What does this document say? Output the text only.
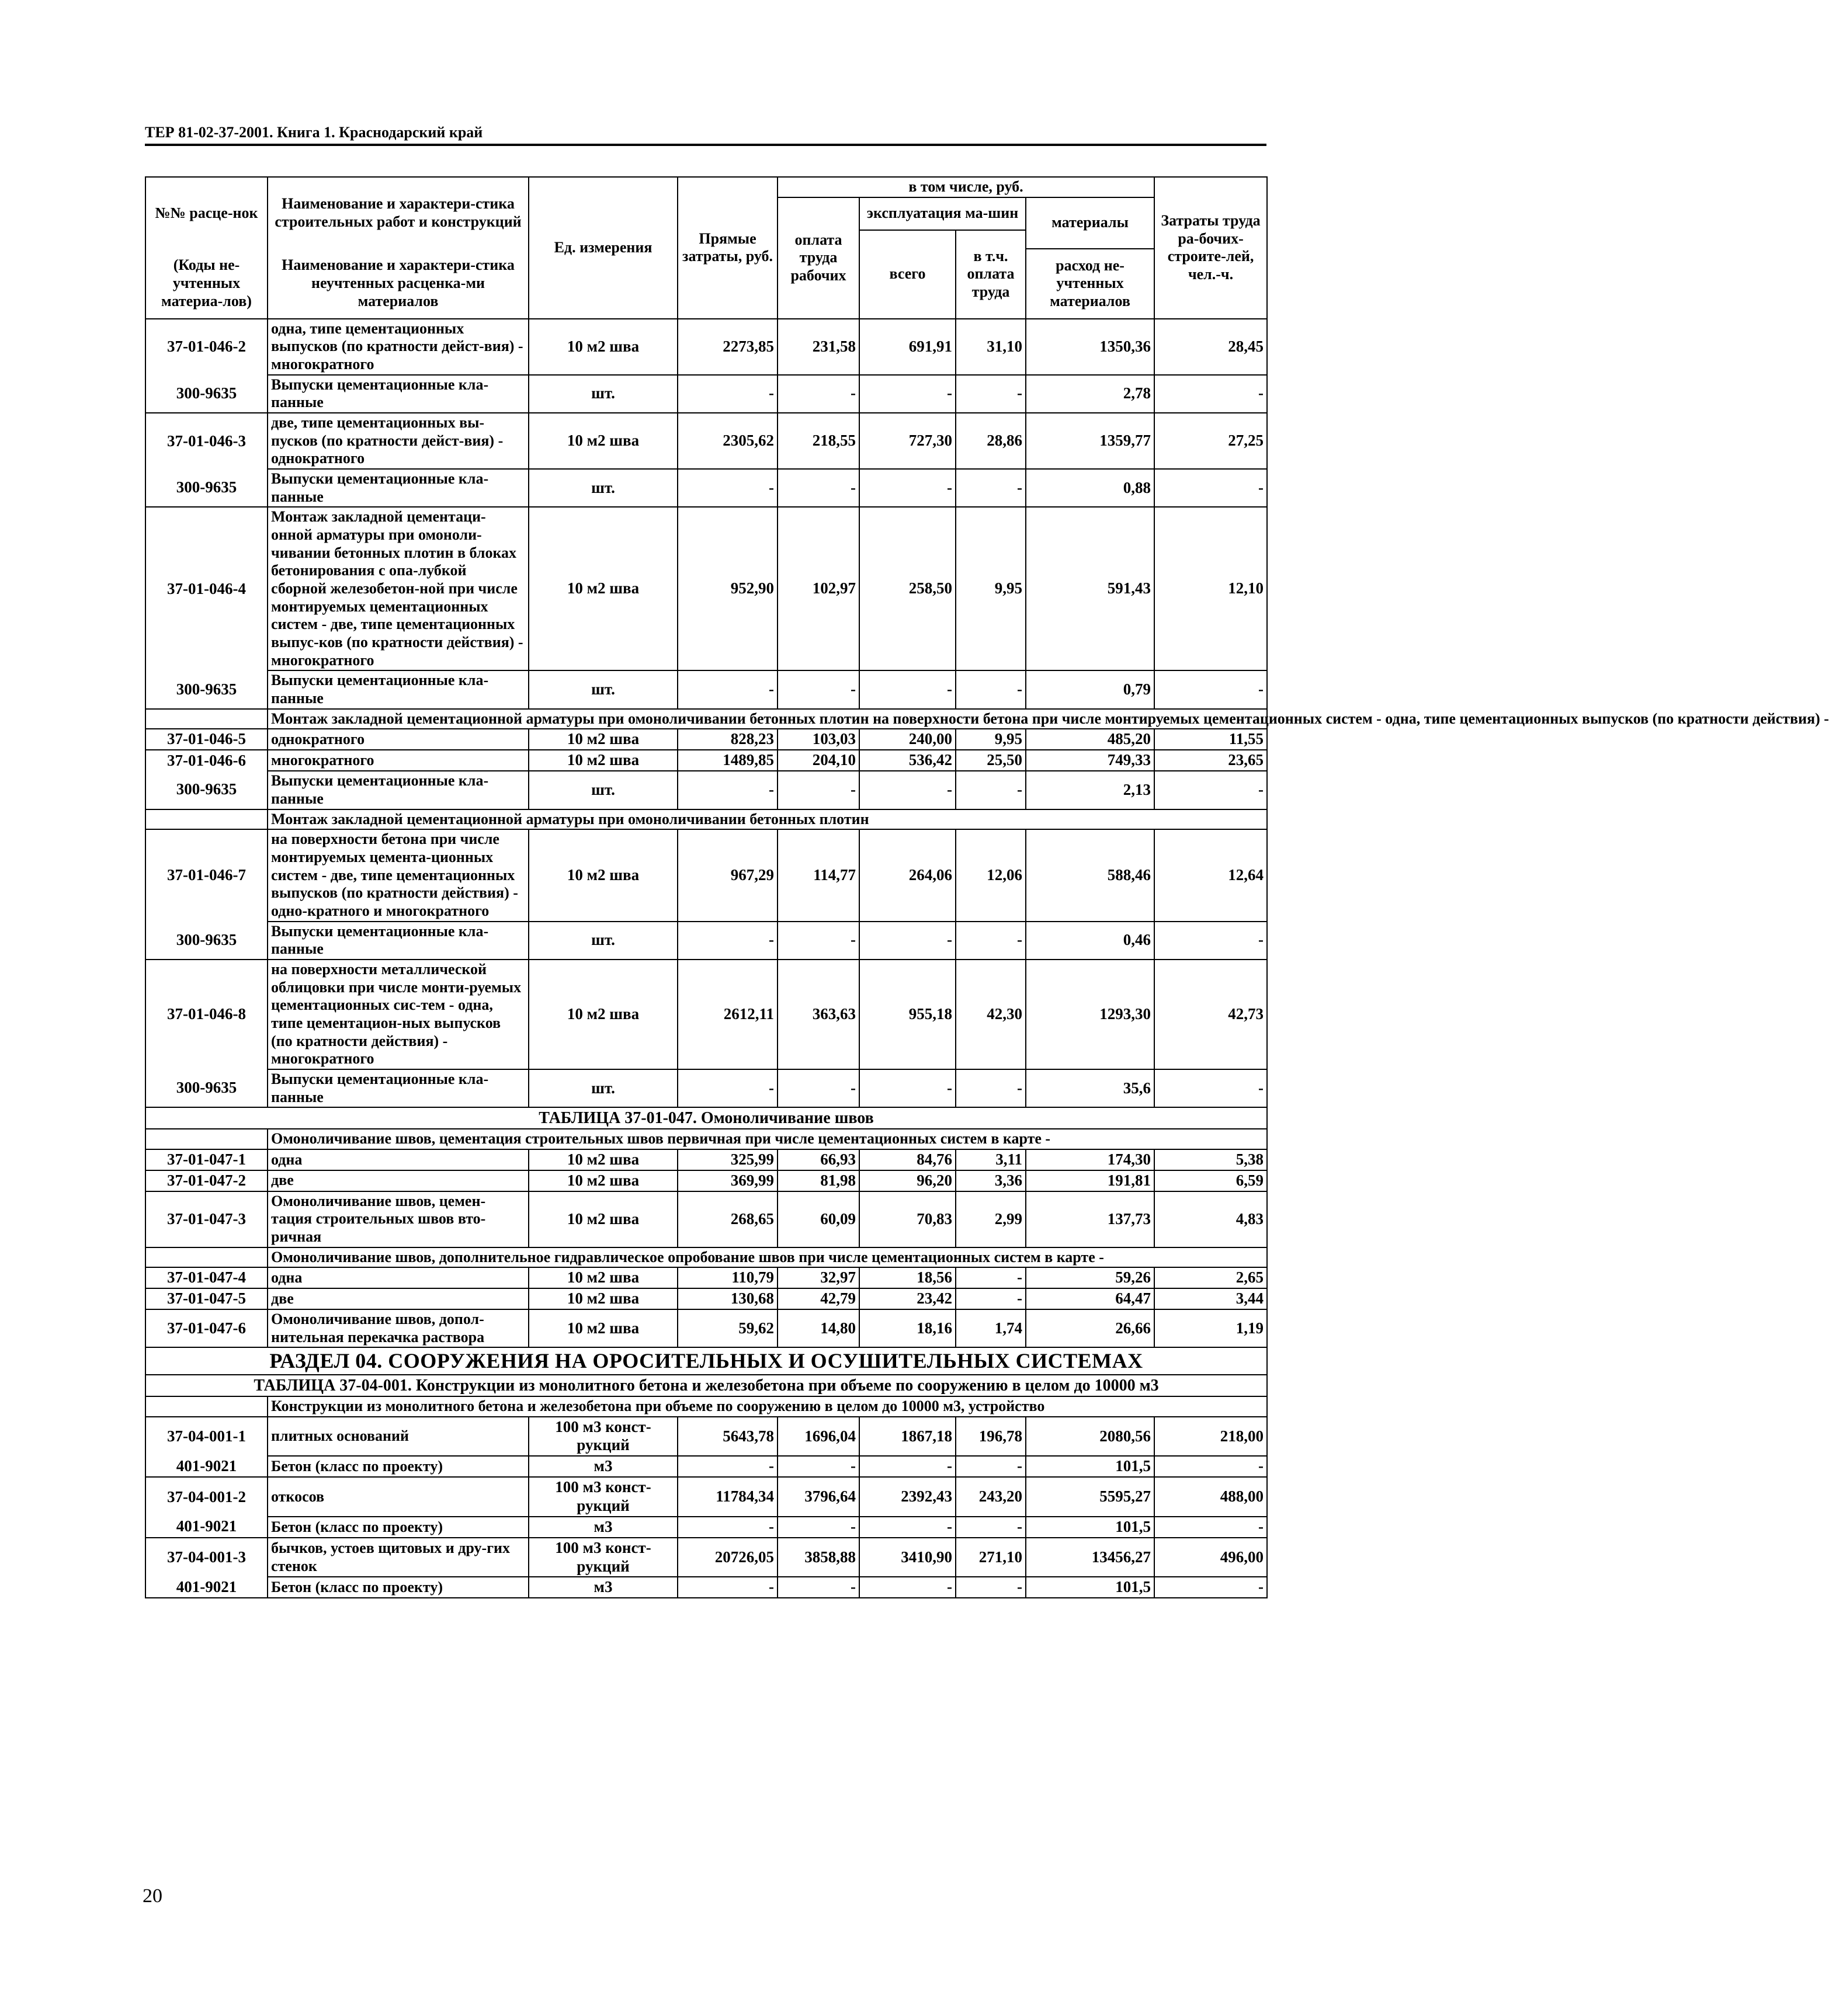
ТЕР 81-02-37-2001. Книга 1. Краснодарский край
№№ расце-нок	Наименование и характери-стика строительных работ и конструкций	Ед. измерения	Прямые затраты, руб.	в том числе, руб.				Затраты труда ра-бочих-строите-лей, чел.-ч.
				оплата труда рабочих	эксплуатация ма-шин		материалы	
					всего	в т.ч. оплата труда		
(Коды не-учтенных материа-лов)	Наименование и характери-стика неучтенных расценка-ми материалов						расход не-учтенных материалов	

37-01-046-2	одна, типе цементационных выпусков (по кратности дейст-вия) - многократного	10 м2 шва	2273,85	231,58	691,91	31,10	1350,36	28,45
300-9635	Выпуски цементационные кла-панные	шт.	-	-	-	-	2,78	-
37-01-046-3	две, типе цементационных вы-пусков (по кратности дейст-вия) - однократного	10 м2 шва	2305,62	218,55	727,30	28,86	1359,77	27,25
300-9635	Выпуски цементационные кла-панные	шт.	-	-	-	-	0,88	-
37-01-046-4	Монтаж закладной цементаци-онной арматуры при омоноли-чивании бетонных плотин в блоках бетонирования с опа-лубкой сборной железобетон-ной при числе монтируемых цементационных систем - две, типе цементационных выпус-ков (по кратности действия) - многократного	10 м2 шва	952,90	102,97	258,50	9,95	591,43	12,10
300-9635	Выпуски цементационные кла-панные	шт.	-	-	-	-	0,79	-
	Монтаж закладной цементационной арматуры при омоноличивании бетонных плотин на поверхности бетона при числе монтируемых цементационных систем - одна, типе цементационных выпусков (по кратности действия) -							
37-01-046-5	однократного	10 м2 шва	828,23	103,03	240,00	9,95	485,20	11,55
37-01-046-6	многократного	10 м2 шва	1489,85	204,10	536,42	25,50	749,33	23,65
300-9635	Выпуски цементационные кла-панные	шт.	-	-	-	-	2,13	-
	Монтаж закладной цементационной арматуры при омоноличивании бетонных плотин							
37-01-046-7	на поверхности бетона при числе монтируемых цемента-ционных систем - две, типе цементационных выпусков (по кратности действия) - одно-кратного и многократного	10 м2 шва	967,29	114,77	264,06	12,06	588,46	12,64
300-9635	Выпуски цементационные кла-панные	шт.	-	-	-	-	0,46	-
37-01-046-8	на поверхности металлической облицовки при числе монти-руемых цементационных сис-тем - одна, типе цементацион-ных выпусков (по кратности действия) - многократного	10 м2 шва	2612,11	363,63	955,18	42,30	1293,30	42,73
300-9635	Выпуски цементационные кла-панные	шт.	-	-	-	-	35,6	-
ТАБЛИЦА 37-01-047. Омоноличивание швов								
	Омоноличивание швов, цементация строительных швов первичная при числе цементационных систем в карте -							
37-01-047-1	одна	10 м2 шва	325,99	66,93	84,76	3,11	174,30	5,38
37-01-047-2	две	10 м2 шва	369,99	81,98	96,20	3,36	191,81	6,59
37-01-047-3	Омоноличивание швов, цемен-тация строительных швов вто-ричная	10 м2 шва	268,65	60,09	70,83	2,99	137,73	4,83
	Омоноличивание швов, дополнительное гидравлическое опробование швов при числе цементационных систем в карте -							
37-01-047-4	одна	10 м2 шва	110,79	32,97	18,56	-	59,26	2,65
37-01-047-5	две	10 м2 шва	130,68	42,79	23,42	-	64,47	3,44
37-01-047-6	Омоноличивание швов, допол-нительная перекачка раствора	10 м2 шва	59,62	14,80	18,16	1,74	26,66	1,19
РАЗДЕЛ 04. СООРУЖЕНИЯ НА ОРОСИТЕЛЬНЫХ И ОСУШИТЕЛЬНЫХ СИСТЕМАХ								
ТАБЛИЦА 37-04-001. Конструкции из монолитного бетона и железобетона при объеме по сооружению в целом до 10000 м3								
	Конструкции из монолитного бетона и железобетона при объеме по сооружению в целом до 10000 м3, устройство							
37-04-001-1	плитных оснований	100 м3 конст-рукций	5643,78	1696,04	1867,18	196,78	2080,56	218,00
401-9021	Бетон (класс по проекту)	м3	-	-	-	-	101,5	-
37-04-001-2	откосов	100 м3 конст-рукций	11784,34	3796,64	2392,43	243,20	5595,27	488,00
401-9021	Бетон (класс по проекту)	м3	-	-	-	-	101,5	-
37-04-001-3	бычков, устоев щитовых и дру-гих стенок	100 м3 конст-рукций	20726,05	3858,88	3410,90	271,10	13456,27	496,00
401-9021	Бетон (класс по проекту)	м3	-	-	-	-	101,5	-
20
